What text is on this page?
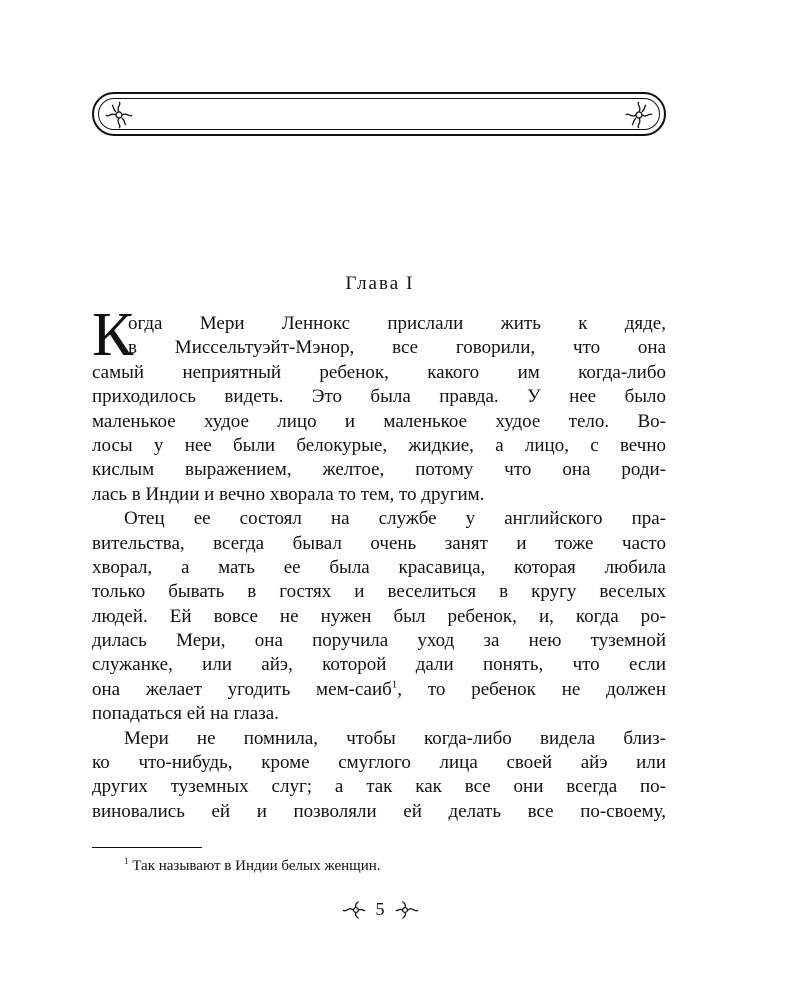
Глава I
К
огда Мери Леннокс прислали жить к дяде,
в Миссельтуэйт-Мэнор, все говорили, что она
самый неприятный ребенок, какого им когда-либо
приходилось видеть. Это была правда. У нее было
маленькое худое лицо и маленькое худое тело. Во-
лосы у нее были белокурые, жидкие, а лицо, с вечно
кислым выражением, желтое, потому что она роди-
лась в Индии и вечно хворала то тем, то другим.
Отец ее состоял на службе у английского пра-
вительства, всегда бывал очень занят и тоже часто
хворал, а мать ее была красавица, которая любила
только бывать в гостях и веселиться в кругу веселых
людей. Ей вовсе не нужен был ребенок, и, когда ро-
дилась Мери, она поручила уход за нею туземной
служанке, или айэ, которой дали понять, что если
она желает угодить мем-саиб$^1$, то ребенок не должен
попадаться ей на глаза.
Мери не помнила, чтобы когда-либо видела близ-
ко что-нибудь, кроме смуглого лица своей айэ или
других туземных слуг; а так как все они всегда по-
виновались ей и позволяли ей делать все по-своему,
$^1$ Так называют в Индии белых женщин.
5
